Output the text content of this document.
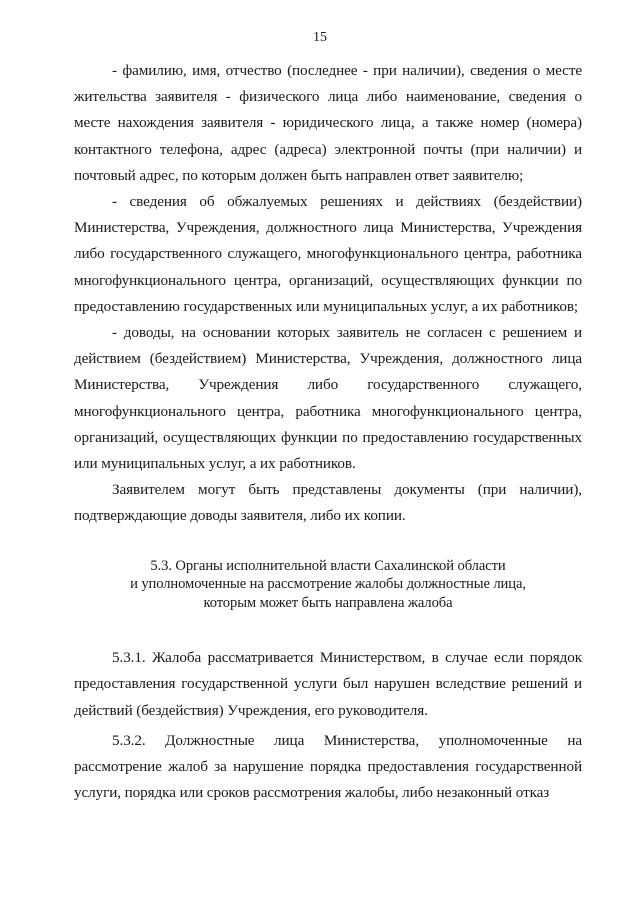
15

- фамилию, имя, отчество (последнее - при наличии), сведения о месте жительства заявителя - физического лица либо наименование, сведения о месте нахождения заявителя - юридического лица, а также номер (номера) контактного телефона, адрес (адреса) электронной почты (при наличии) и почтовый адрес, по которым должен быть направлен ответ заявителю;

- сведения об обжалуемых решениях и действиях (бездействии) Министерства, Учреждения, должностного лица Министерства, Учреждения либо государственного служащего, многофункционального центра, работника многофункционального центра, организаций, осуществляющих функции по предоставлению государственных или муниципальных услуг, а их работников;

- доводы, на основании которых заявитель не согласен с решением и действием (бездействием) Министерства, Учреждения, должностного лица Министерства, Учреждения либо государственного служащего, многофункционального центра, работника многофункционального центра, организаций, осуществляющих функции по предоставлению государственных или муниципальных услуг, а их работников.

Заявителем могут быть представлены документы (при наличии), подтверждающие доводы заявителя, либо их копии.

5.3. Органы исполнительной власти Сахалинской области
и уполномоченные на рассмотрение жалобы должностные лица,
которым может быть направлена жалоба

5.3.1. Жалоба рассматривается Министерством, в случае если порядок предоставления государственной услуги был нарушен вследствие решений и действий (бездействия) Учреждения, его руководителя.

5.3.2. Должностные лица Министерства, уполномоченные на рассмотрение жалоб за нарушение порядка предоставления государственной услуги, порядка или сроков рассмотрения жалобы, либо незаконный отказ
